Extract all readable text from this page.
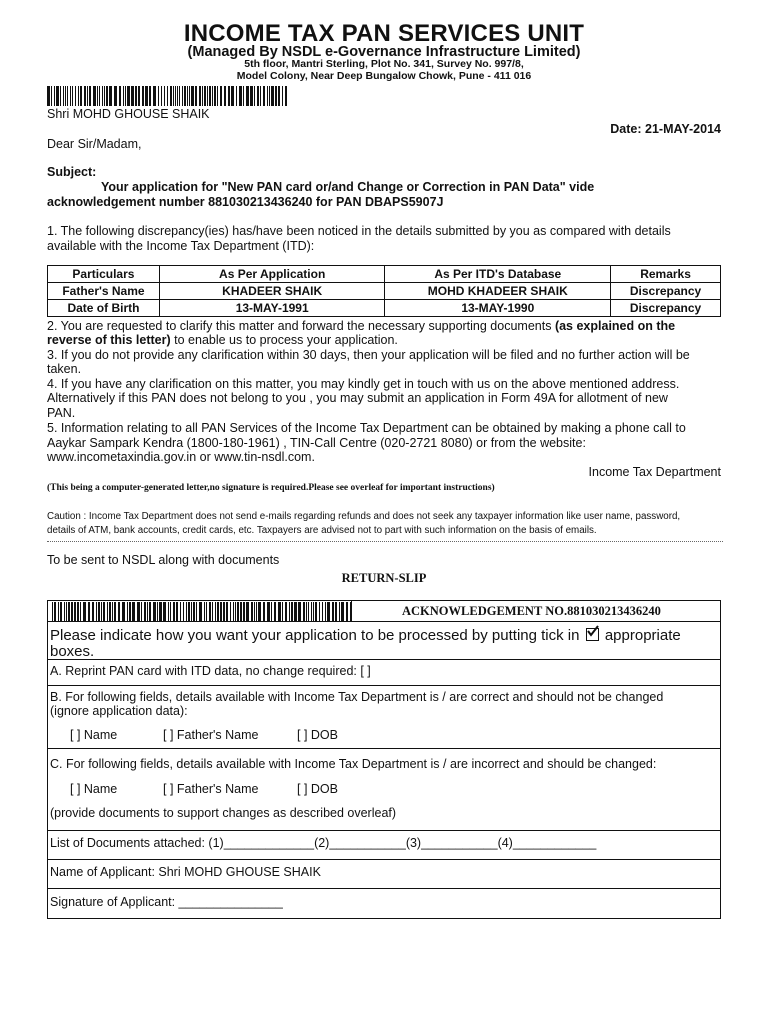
INCOME TAX PAN SERVICES UNIT
(Managed By NSDL e-Governance Infrastructure Limited)
5th floor, Mantri Sterling, Plot No. 341, Survey No. 997/8,
Model Colony, Near Deep Bungalow Chowk, Pune - 411 016
Shri MOHD GHOUSE SHAIK
Date: 21-MAY-2014
Dear Sir/Madam,
Subject:
Your application for "New PAN card or/and Change or Correction in PAN Data" vide
acknowledgement number 881030213436240 for PAN DBAPS5907J
1. The following discrepancy(ies) has/have been noticed in the details submitted by you as compared with details
available with the Income Tax Department (ITD):
Particulars	As Per Application	As Per ITD's Database	Remarks
Father's Name	KHADEER SHAIK	MOHD KHADEER SHAIK	Discrepancy
Date of Birth	13-MAY-1991	13-MAY-1990	Discrepancy
2. You are requested to clarify this matter and forward the necessary supporting documents (as explained on the
reverse of this letter) to enable us to process your application.
3. If you do not provide any clarification within 30 days, then your application will be filed and no further action will be
taken.
4. If you have any clarification on this matter, you may kindly get in touch with us on the above mentioned address.
Alternatively if this PAN does not belong to you , you may submit an application in Form 49A for allotment of new
PAN.
5. Information relating to all PAN Services of the Income Tax Department can be obtained by making a phone call to
Aaykar Sampark Kendra (1800-180-1961) , TIN-Call Centre (020-2721 8080) or from the website:
www.incometaxindia.gov.in or www.tin-nsdl.com.
Income Tax Department
(This being a computer-generated letter,no signature is required.Please see overleaf for important instructions)
Caution : Income Tax Department does not send e-mails regarding refunds and does not seek any taxpayer information like user name, password,
details of ATM, bank accounts, credit cards, etc. Taxpayers are advised not to part with such information on the basis of emails.
To be sent to NSDL along with documents
RETURN-SLIP
ACKNOWLEDGEMENT NO.881030213436240
Please indicate how you want your application to be processed by putting tick in appropriate
boxes.
A. Reprint PAN card with ITD data, no change required: [ ]
B. For following fields, details available with Income Tax Department is / are correct and should not be changed
(ignore application data):
[ ] Name	[ ] Father's Name	[ ] DOB
C. For following fields, details available with Income Tax Department is / are incorrect and should be changed:
[ ] Name	[ ] Father's Name	[ ] DOB
(provide documents to support changes as described overleaf)
List of Documents attached: (1)_____________(2)___________(3)___________(4)____________
Name of Applicant: Shri MOHD GHOUSE SHAIK
Signature of Applicant: _______________
